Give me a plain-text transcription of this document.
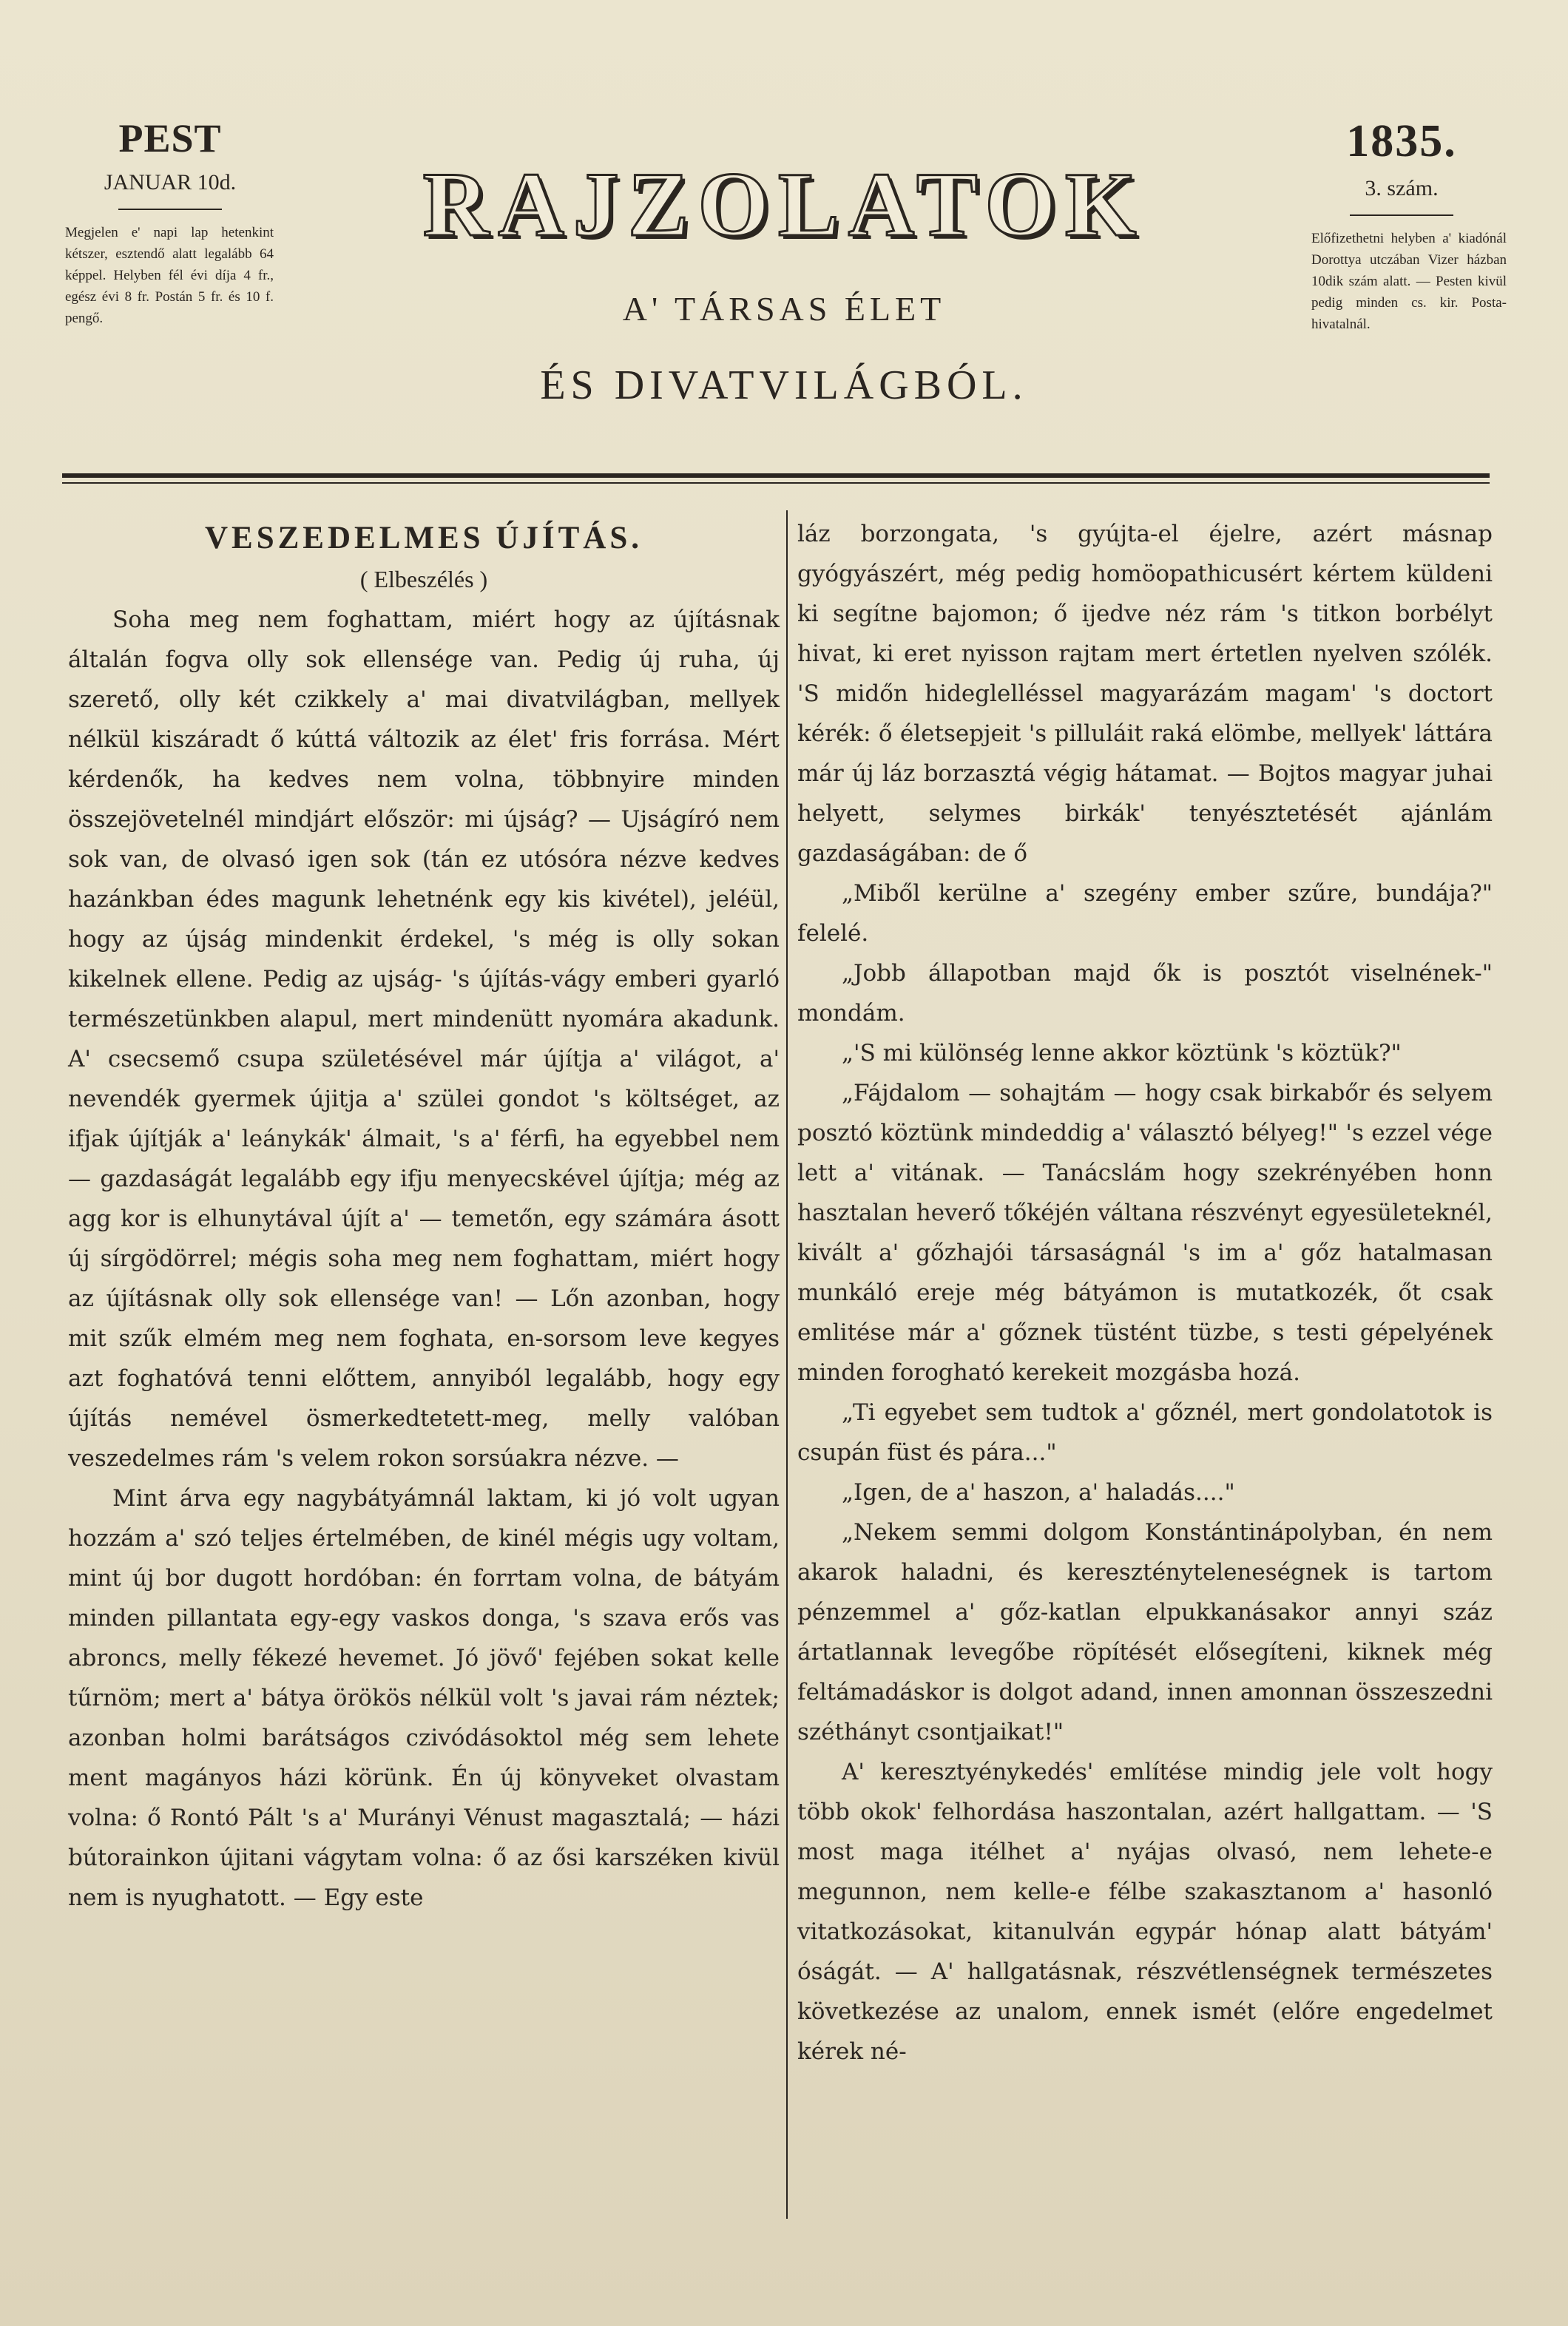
PEST
JANUAR 10d.
Megjelen e' napi lap hetenkint kétszer, esztendő alatt legalább 64 képpel. Helyben fél évi díja 4 fr., egész évi 8 fr. Postán 5 fr. és 10 f. pengő.
RAJZOLATOK
A' TÁRSAS ÉLET
ÉS DIVATVILÁGBÓL.
1835.
3. szám.
Előfizethetni helyben a' kiadónál Dorottya utczában Vizer házban 10dik szám alatt. — Pesten kivül pedig minden cs. kir. Posta-hivatalnál.
VESZEDELMES ÚJÍTÁS.
( Elbeszélés )

Soha meg nem foghattam, miért hogy az újításnak általán fogva olly sok ellensége van. Pedig új ruha, új szerető, olly két czikkely a' mai divatvilágban, mellyek nélkül kiszáradt ő kúttá változik az élet' fris forrása. Mért kérdenők, ha kedves nem volna, többnyire minden összejövetelnél mindjárt először: mi újság? — Ujságíró nem sok van, de olvasó igen sok (tán ez utósóra nézve kedves hazánkban édes magunk lehetnénk egy kis kivétel), jeléül, hogy az újság mindenkit érdekel, 's még is olly sokan kikelnek ellene. Pedig az ujság- 's újítás-vágy emberi gyarló természetünkben alapul, mert mindenütt nyomára akadunk. A' csecsemő csupa születésével már újítja a' világot, a' nevendék gyermek újitja a' szülei gondot 's költséget, az ifjak újítják a' leánykák' álmait, 's a' férfi, ha egyebbel nem — gazdaságát legalább egy ifju menyecskével újítja; még az agg kor is elhunytával újít a' — temetőn, egy számára ásott új sírgödörrel; mégis soha meg nem foghattam, miért hogy az újításnak olly sok ellensége van! — Lőn azonban, hogy mit szűk elmém meg nem foghata, en-sorsom leve kegyes azt foghatóvá tenni előttem, annyiból legalább, hogy egy újítás nemével ösmerkedtetett-meg, melly valóban veszedelmes rám 's velem rokon sorsúakra nézve. —

Mint árva egy nagybátyámnál laktam, ki jó volt ugyan hozzám a' szó teljes értelmében, de kinél mégis ugy voltam, mint új bor dugott hordóban: én forrtam volna, de bátyám minden pillantata egy-egy vaskos donga, 's szava erős vas abroncs, melly fékezé hevemet. Jó jövő' fejében sokat kelle tűrnöm; mert a' bátya örökös nélkül volt 's javai rám néztek; azonban holmi barátságos czivódásoktol még sem lehete ment magányos házi körünk. Én új könyveket olvastam volna: ő Rontó Pált 's a' Murányi Vénust magasztalá; — házi bútorainkon újitani vágytam volna: ő az ősi karszéken kivül nem is nyughatott. — Egy este

láz borzongata, 's gyújta-el éjelre, azért másnap gyógyászért, még pedig homöopathicusért kértem küldeni ki segítne bajomon; ő ijedve néz rám 's titkon borbélyt hivat, ki eret nyisson rajtam mert értetlen nyelven szólék. 'S midőn hideglelléssel magyarázám magam' 's doctort kérék: ő életsepjeit 's pilluláit raká elömbe, mellyek' láttára már új láz borzasztá végig hátamat. — Bojtos magyar juhai helyett, selymes birkák' tenyésztetését ajánlám gazdaságában: de ő

„Miből kerülne a' szegény ember szűre, bundája?" felelé.

„Jobb állapotban majd ők is posztót viselnének-" mondám.

„'S mi különség lenne akkor köztünk 's köztük?"

„Fájdalom — sohajtám — hogy csak birkabőr és selyem posztó köztünk mindeddig a' választó bélyeg!" 's ezzel vége lett a' vitának. — Tanácslám hogy szekrényében honn hasztalan heverő tőkéjén váltana részvényt egyesületeknél, kivált a' gőzhajói társaságnál 's im a' gőz hatalmasan munkáló ereje még bátyámon is mutatkozék, őt csak emlitése már a' gőznek tüstént tüzbe, s testi gépelyének minden forogható kerekeit mozgásba hozá.

„Ti egyebet sem tudtok a' gőznél, mert gondolatotok is csupán füst és pára..."

„Igen, de a' haszon, a' haladás...."

„Nekem semmi dolgom Konstántinápolyban, én nem akarok haladni, és keresztényteleneségnek is tartom pénzemmel a' gőz-katlan elpukkanásakor annyi száz ártatlannak levegőbe röpítését elősegíteni, kiknek még feltámadáskor is dolgot adand, innen amonnan összeszedni széthányt csontjaikat!"

A' keresztyénykedés' említése mindig jele volt hogy több okok' felhordása haszontalan, azért hallgattam. — 'S most maga itélhet a' nyájas olvasó, nem lehete-e megunnon, nem kelle-e félbe szakasztanom a' hasonló vitatkozásokat, kitanulván egypár hónap alatt bátyám' óságát. — A' hallgatásnak, részvétlenségnek természetes következése az unalom, ennek ismét (előre engedelmet kérek né-
